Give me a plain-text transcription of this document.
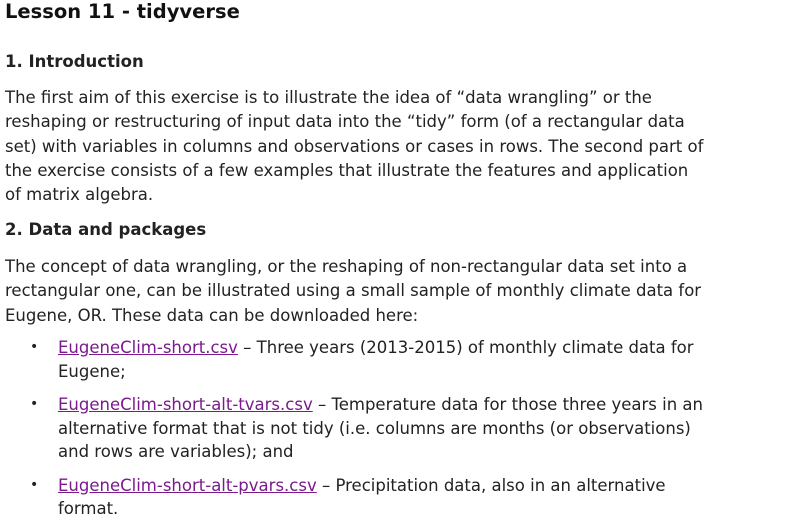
Lesson 11 - tidyverse
1. Introduction

The first aim of this exercise is to illustrate the idea of “data wrangling” or the reshaping or restructuring of input data into the “tidy” form (of a rectangular data set) with variables in columns and observations or cases in rows. The second part of the exercise consists of a few examples that illustrate the features and application of matrix algebra.

2. Data and packages

The concept of data wrangling, or the reshaping of non-rectangular data set into a rectangular one, can be illustrated using a small sample of monthly climate data for Eugene, OR. These data can be downloaded here:

• EugeneClim-short.csv – Three years (2013-2015) of monthly climate data for Eugene;
• EugeneClim-short-alt-tvars.csv – Temperature data for those three years in an alternative format that is not tidy (i.e. columns are months (or observations) and rows are variables); and
• EugeneClim-short-alt-pvars.csv – Precipitation data, also in an alternative format.
